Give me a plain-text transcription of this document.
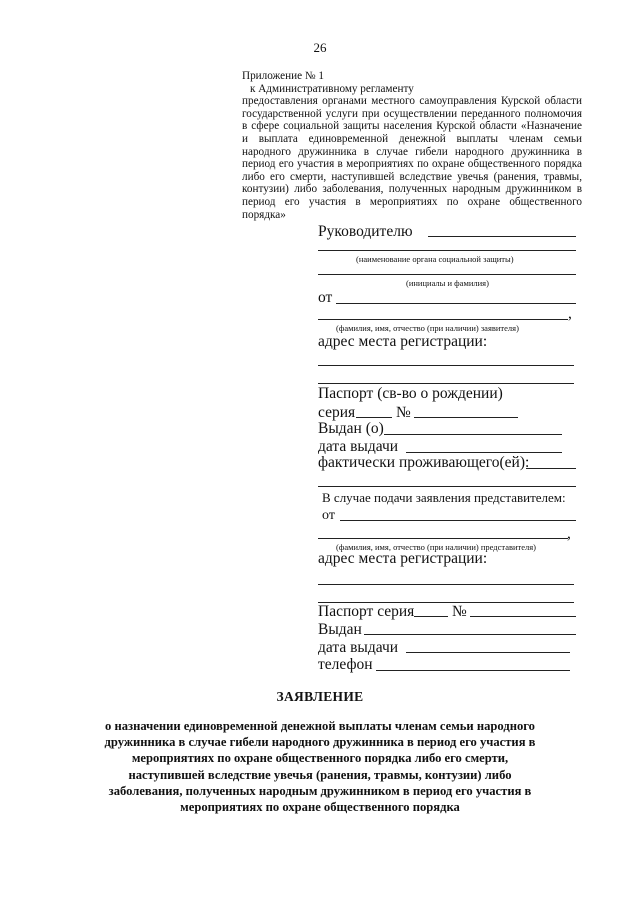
26
Приложение № 1
к Административному регламенту
предоставления органами местного самоуправления Курской области государственной услуги при осуществлении переданного полномочия в сфере социальной защиты населения Курской области «Назначение и выплата единовременной денежной выплаты членам семьи народного дружинника в случае гибели народного дружинника в период его участия в мероприятиях по охране общественного порядка либо его смерти, наступившей вследствие увечья (ранения, травмы, контузии) либо заболевания, полученных народным дружинником в период его участия в мероприятиях по охране общественного порядка»
Руководителю
(наименование органа социальной защиты)
(инициалы и фамилия)
от
,
(фамилия, имя, отчество (при наличии) заявителя)
адрес места регистрации:
Паспорт (св-во о рождении)
серия	№
Выдан (о)
дата выдачи
фактически проживающего(ей):
В случае подачи заявления представителем:
от
,
(фамилия, имя, отчество (при наличии) представителя)
адрес места регистрации:
Паспорт серия №
Выдан
дата выдачи
телефон
ЗАЯВЛЕНИЕ
о назначении единовременной денежной выплаты членам семьи народного дружинника в случае гибели народного дружинника в период его участия в мероприятиях по охране общественного порядка либо его смерти, наступившей вследствие увечья (ранения, травмы, контузии) либо заболевания, полученных народным дружинником в период его участия в мероприятиях по охране общественного порядка
